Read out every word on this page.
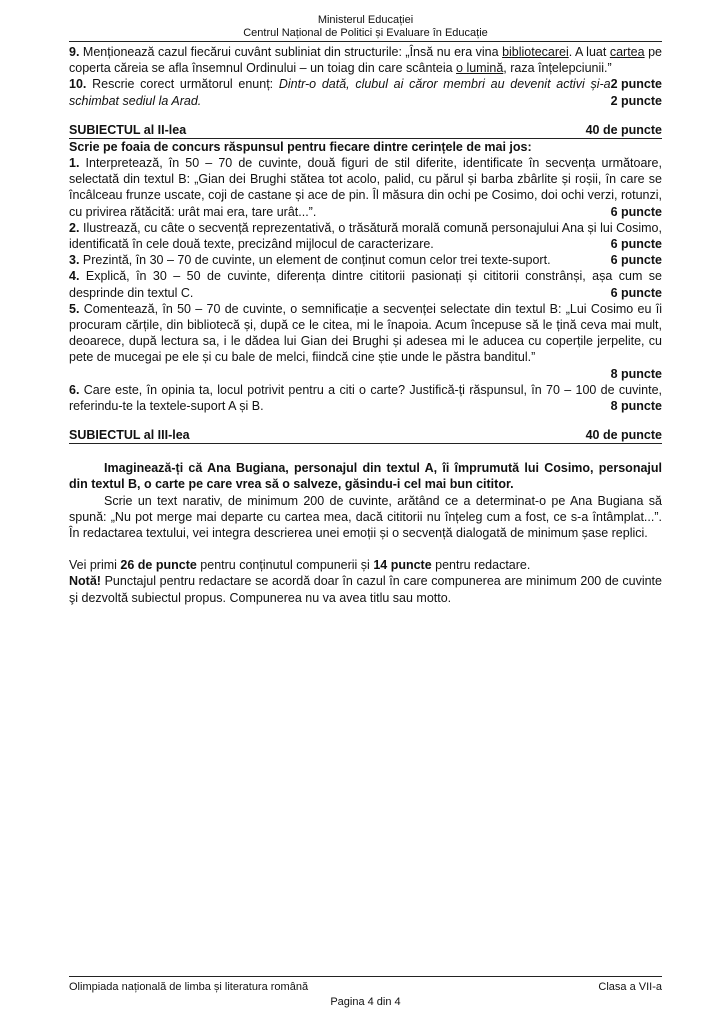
Ministerul Educației
Centrul Național de Politici și Evaluare în Educație

9. Menționează cazul fiecărui cuvânt subliniat din structurile: „Însă nu era vina bibliotecarei. A luat cartea pe coperta căreia se afla însemnul Ordinului – un toiag din care scânteia o lumină, raza înțelepciunii.”
2 puncte

10. Rescrie corect următorul enunț: Dintr-o dată, clubul ai căror membri au devenit activi și-a schimbat sediul la Arad.	2 puncte

SUBIECTUL al II-lea	40 de puncte

Scrie pe foaia de concurs răspunsul pentru fiecare dintre cerințele de mai jos:

1. Interpretează, în 50 – 70 de cuvinte, două figuri de stil diferite, identificate în secvența următoare, selectată din textul B: „Gian dei Brughi stătea tot acolo, palid, cu părul și barba zbârlite și roșii, în care se încâlceau frunze uscate, coji de castane și ace de pin. Îl măsura din ochi pe Cosimo, doi ochi verzi, rotunzi, cu privirea rătăcită: urât mai era, tare urât...”.	6 puncte

2. Ilustrează, cu câte o secvență reprezentativă, o trăsătură morală comună personajului Ana și lui Cosimo, identificată în cele două texte, precizând mijlocul de caracterizare.	6 puncte

3. Prezintă, în 30 – 70 de cuvinte, un element de conținut comun celor trei texte-suport.	6 puncte

4. Explică, în 30 – 50 de cuvinte, diferența dintre cititorii pasionați și cititorii constrânși, așa cum se desprinde din textul C.	6 puncte

5. Comentează, în 50 – 70 de cuvinte, o semnificație a secvenței selectate din textul B: „Lui Cosimo eu îi procuram cărțile, din bibliotecă și, după ce le citea, mi le înapoia. Acum începuse să le țină ceva mai mult, deoarece, după lectura sa, i le dădea lui Gian dei Brughi și adesea mi le aducea cu coperțile jerpelite, cu pete de mucegai pe ele și cu bale de melci, fiindcă cine știe unde le păstra banditul.”

8 puncte

6. Care este, în opinia ta, locul potrivit pentru a citi o carte? Justifică-ți răspunsul, în 70 – 100 de cuvinte, referindu-te la textele-suport A și B.	8 puncte

SUBIECTUL al III-lea	40 de puncte

Imaginează-ți că Ana Bugiana, personajul din textul A, îi împrumută lui Cosimo, personajul din textul B, o carte pe care vrea să o salveze, găsindu-i cel mai bun cititor.

Scrie un text narativ, de minimum 200 de cuvinte, arătând ce a determinat-o pe Ana Bugiana să spună: „Nu pot merge mai departe cu cartea mea, dacă cititorii nu înțeleg cum a fost, ce s-a întâmplat...”. În redactarea textului, vei integra descrierea unei emoții și o secvență dialogată de minimum șase replici.

Vei primi 26 de puncte pentru conținutul compunerii și 14 puncte pentru redactare.

Notă! Punctajul pentru redactare se acordă doar în cazul în care compunerea are minimum 200 de cuvinte şi dezvoltă subiectul propus. Compunerea nu va avea titlu sau motto.

Olimpiada națională de limba și literatura română	Clasa a VII-a
Pagina 4 din 4
